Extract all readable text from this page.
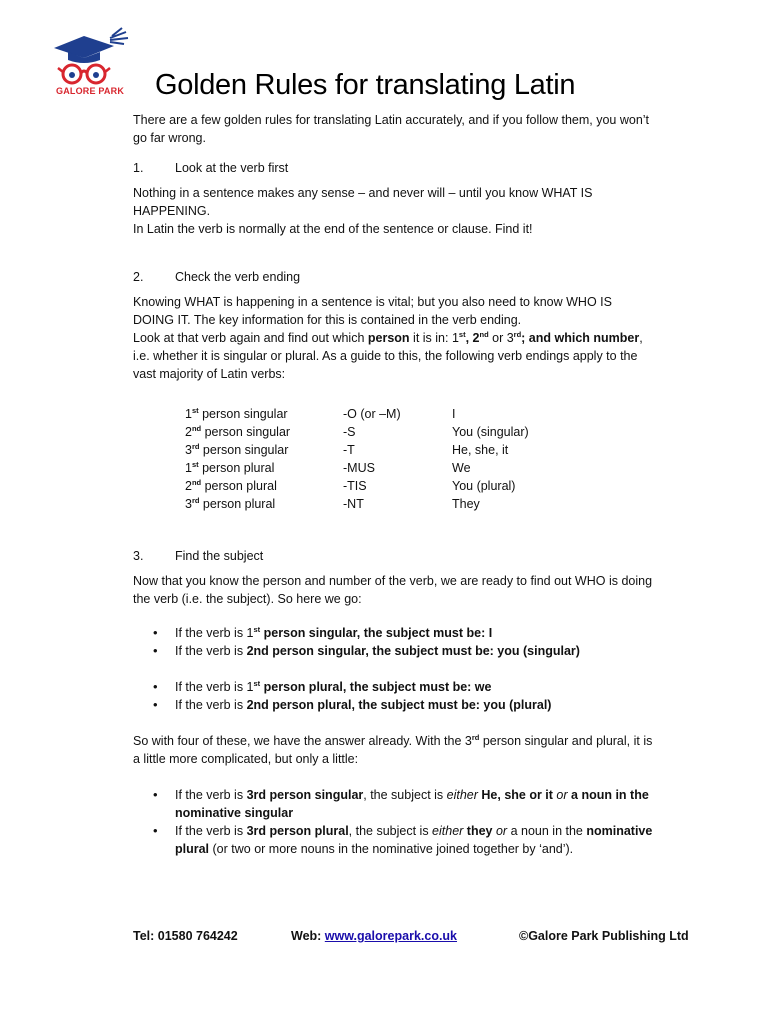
GALORE PARK Golden Rules for translating Latin

There are a few golden rules for translating Latin accurately, and if you follow them, you won’t go far wrong.

1.	Look at the verb first

Nothing in a sentence makes any sense – and never will – until you know WHAT IS HAPPENING.

In Latin the verb is normally at the end of the sentence or clause. Find it!

2.	Check the verb ending

Knowing WHAT is happening in a sentence is vital; but you also need to know WHO IS DOING IT. The key information for this is contained in the verb ending.

Look at that verb again and find out which person it is in: 1st, 2nd or 3rd; and which number, i.e. whether it is singular or plural. As a guide to this, the following verb endings apply to the vast majority of Latin verbs:

1st person singular	-O (or –M)	I
2nd person singular	-S	You (singular)
3rd person singular	-T	He, she, it
1st person plural	-MUS	We
2nd person plural	-TIS	You (plural)
3rd person plural	-NT	They
3.	Find the subject

Now that you know the person and number of the verb, we are ready to find out WHO is doing the verb (i.e. the subject). So here we go:

• If the verb is 1st person singular, the subject must be: I
• If the verb is 2nd person singular, the subject must be: you (singular)
• If the verb is 1st person plural, the subject must be: we
• If the verb is 2nd person plural, the subject must be: you (plural)

So with four of these, we have the answer already. With the 3rd person singular and plural, it is a little more complicated, but only a little:

• If the verb is 3rd person singular, the subject is either He, she or it or a noun in the nominative singular
• If the verb is 3rd person plural, the subject is either they or a noun in the nominative plural (or two or more nouns in the nominative joined together by ‘and’).
Tel: 01580 764242	Web: www.galorepark.co.uk	©Galore Park Publishing Ltd
